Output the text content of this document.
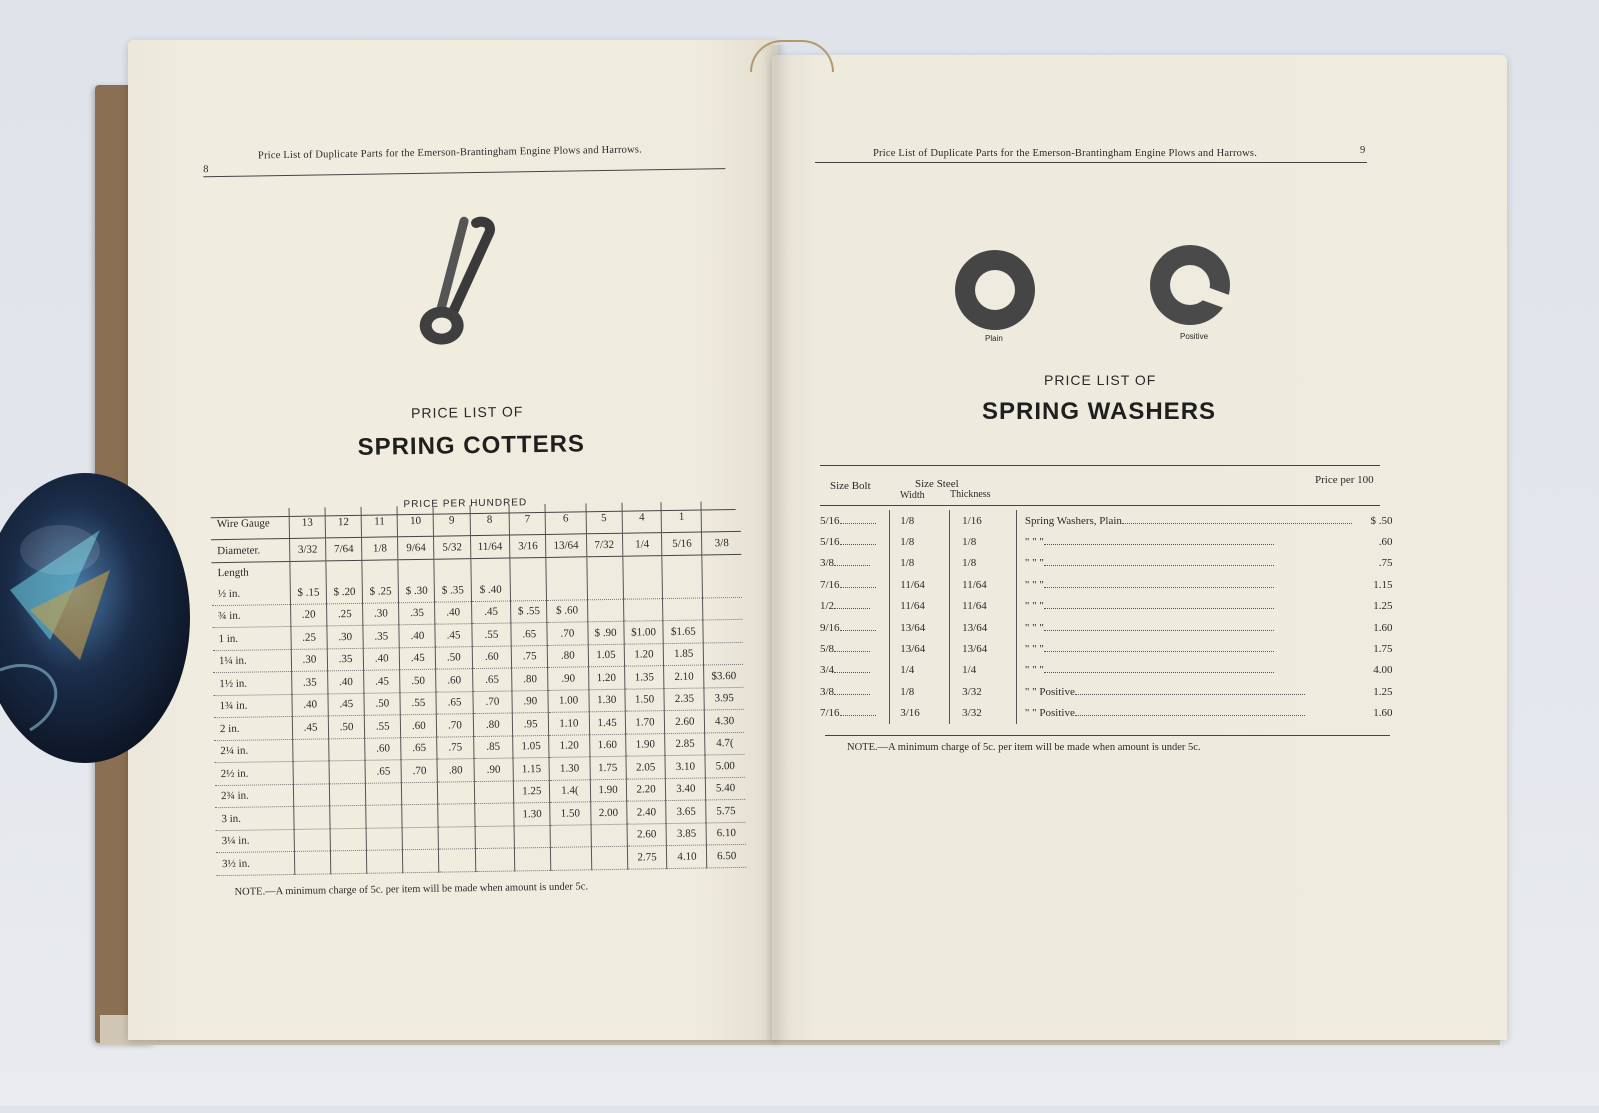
8
Price List of Duplicate Parts for the Emerson-Brantingham Engine Plows and Harrows.
PRICE LIST OF
SPRING COTTERS
PRICE PER HUNDRED
Wire Gauge	13	12	11	10	9	8	7	6	5	4	1	
Diameter.	3/32	7/64	1/8	9/64	5/32	11/64	3/16	13/64	7/32	1/4	5/16	3/8
Length												
½ in.	$ .15	$ .20	$ .25	$ .30	$ .35	$ .40						
¾ in.	.20	.25	.30	.35	.40	.45	$ .55	$ .60				
1 in.	.25	.30	.35	.40	.45	.55	.65	.70	$ .90	$1.00	$1.65	
1¼ in.	.30	.35	.40	.45	.50	.60	.75	.80	1.05	1.20	1.85	
1½ in.	.35	.40	.45	.50	.60	.65	.80	.90	1.20	1.35	2.10	$3.60
1¾ in.	.40	.45	.50	.55	.65	.70	.90	1.00	1.30	1.50	2.35	3.95
2 in.	.45	.50	.55	.60	.70	.80	.95	1.10	1.45	1.70	2.60	4.30
2¼ in.			.60	.65	.75	.85	1.05	1.20	1.60	1.90	2.85	4.7(
2½ in.			.65	.70	.80	.90	1.15	1.30	1.75	2.05	3.10	5.00
2¾ in.							1.25	1.4(	1.90	2.20	3.40	5.40
3 in.							1.30	1.50	2.00	2.40	3.65	5.75
3¼ in.										2.60	3.85	6.10
3½ in.										2.75	4.10	6.50
NOTE.—A minimum charge of 5c. per item will be made when amount is under 5c.
Price List of Duplicate Parts for the Emerson-Brantingham Engine Plows and Harrows.	9
Plain	Positive
PRICE LIST OF
SPRING WASHERS
Size Bolt	Size Steel
Width	Thickness
Price per 100
5/16	1/8	1/16	Spring Washers, Plain	$ .50
5/16	1/8	1/8	" " "	.60
3/8	1/8	1/8	" " "	.75
7/16	11/64	11/64	" " "	1.15
1/2	11/64	11/64	" " "	1.25
9/16	13/64	13/64	" " "	1.60
5/8	13/64	13/64	" " "	1.75
3/4	1/4	1/4	" " "	4.00
3/8	1/8	3/32	" " Positive	1.25
7/16	3/16	3/32	" " Positive	1.60
NOTE.—A minimum charge of 5c. per item will be made when amount is under 5c.
